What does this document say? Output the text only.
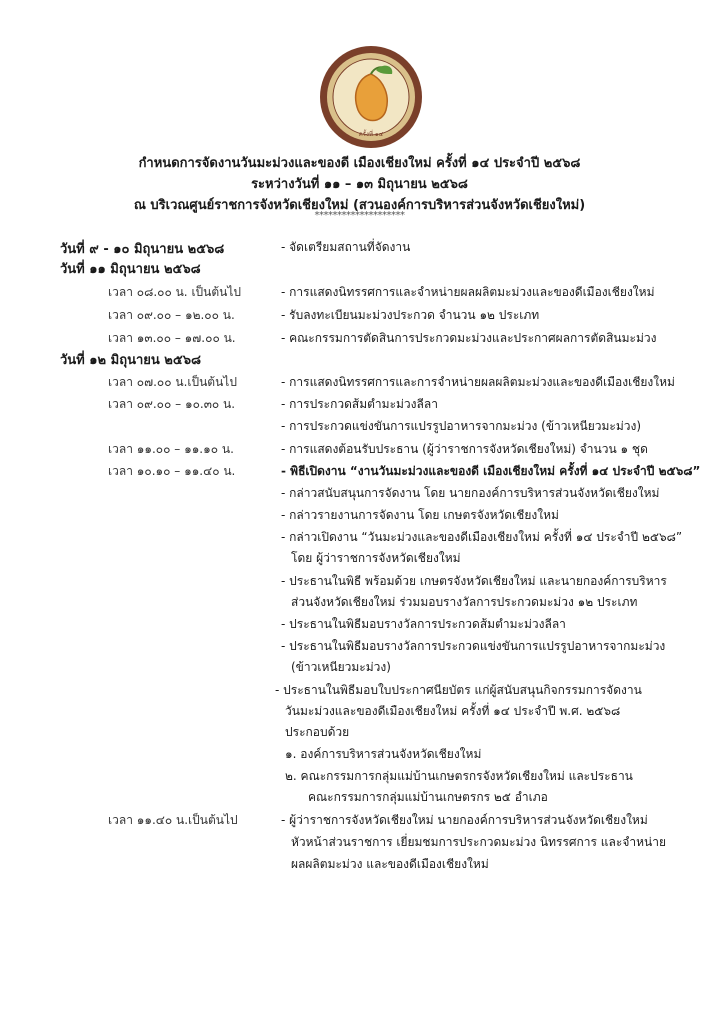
ครั้งที่ ๑๔
กำหนดการจัดงานวันมะม่วงและของดี เมืองเชียงใหม่ ครั้งที่ ๑๔ ประจำปี ๒๕๖๘
ระหว่างวันที่ ๑๑ – ๑๓ มิถุนายน ๒๕๖๘
ณ บริเวณศูนย์ราชการจังหวัดเชียงใหม่ (สวนองค์การบริหารส่วนจังหวัดเชียงใหม่)
********************
วันที่ ๙ - ๑๐ มิถุนายน ๒๕๖๘	- จัดเตรียมสถานที่จัดงาน
วันที่ ๑๑ มิถุนายน ๒๕๖๘
เวลา ๐๘.๐๐ น. เป็นต้นไป	- การแสดงนิทรรศการและจำหน่ายผลผลิตมะม่วงและของดีเมืองเชียงใหม่
เวลา ๐๙.๐๐ – ๑๒.๐๐ น.	- รับลงทะเบียนมะม่วงประกวด จำนวน ๑๒ ประเภท
เวลา ๑๓.๐๐ – ๑๗.๐๐ น.	- คณะกรรมการตัดสินการประกวดมะม่วงและประกาศผลการตัดสินมะม่วง
วันที่ ๑๒ มิถุนายน ๒๕๖๘
เวลา ๐๗.๐๐ น.เป็นต้นไป	- การแสดงนิทรรศการและการจำหน่ายผลผลิตมะม่วงและของดีเมืองเชียงใหม่
เวลา ๐๙.๐๐ – ๑๐.๓๐ น.	- การประกวดส้มตำมะม่วงลีลา
- การประกวดแข่งขันการแปรรูปอาหารจากมะม่วง (ข้าวเหนียวมะม่วง)
เวลา ๑๑.๐๐ – ๑๑.๑๐ น.	- การแสดงต้อนรับประธาน (ผู้ว่าราชการจังหวัดเชียงใหม่) จำนวน ๑ ชุด
เวลา ๑๐.๑๐ – ๑๑.๔๐ น.	- พิธีเปิดงาน “งานวันมะม่วงและของดี เมืองเชียงใหม่ ครั้งที่ ๑๔ ประจำปี ๒๕๖๘”
- กล่าวสนับสนุนการจัดงาน โดย นายกองค์การบริหารส่วนจังหวัดเชียงใหม่
- กล่าวรายงานการจัดงาน โดย เกษตรจังหวัดเชียงใหม่
- กล่าวเปิดงาน “วันมะม่วงและของดีเมืองเชียงใหม่ ครั้งที่ ๑๔ ประจำปี ๒๕๖๘”
โดย ผู้ว่าราชการจังหวัดเชียงใหม่
- ประธานในพิธี พร้อมด้วย เกษตรจังหวัดเชียงใหม่ และนายกองค์การบริหาร
ส่วนจังหวัดเชียงใหม่ ร่วมมอบรางวัลการประกวดมะม่วง ๑๒ ประเภท
- ประธานในพิธีมอบรางวัลการประกวดส้มตำมะม่วงลีลา
- ประธานในพิธีมอบรางวัลการประกวดแข่งขันการแปรรูปอาหารจากมะม่วง
(ข้าวเหนียวมะม่วง)
- ประธานในพิธีมอบใบประกาศนียบัตร แก่ผู้สนับสนุนกิจกรรมการจัดงาน
วันมะม่วงและของดีเมืองเชียงใหม่ ครั้งที่ ๑๔ ประจำปี พ.ศ. ๒๕๖๘
ประกอบด้วย
๑. องค์การบริหารส่วนจังหวัดเชียงใหม่
๒. คณะกรรมการกลุ่มแม่บ้านเกษตรกรจังหวัดเชียงใหม่ และประธาน
คณะกรรมการกลุ่มแม่บ้านเกษตรกร ๒๕ อำเภอ
เวลา ๑๑.๔๐ น.เป็นต้นไป	- ผู้ว่าราชการจังหวัดเชียงใหม่ นายกองค์การบริหารส่วนจังหวัดเชียงใหม่
หัวหน้าส่วนราชการ เยี่ยมชมการประกวดมะม่วง นิทรรศการ และจำหน่าย
ผลผลิตมะม่วง และของดีเมืองเชียงใหม่
